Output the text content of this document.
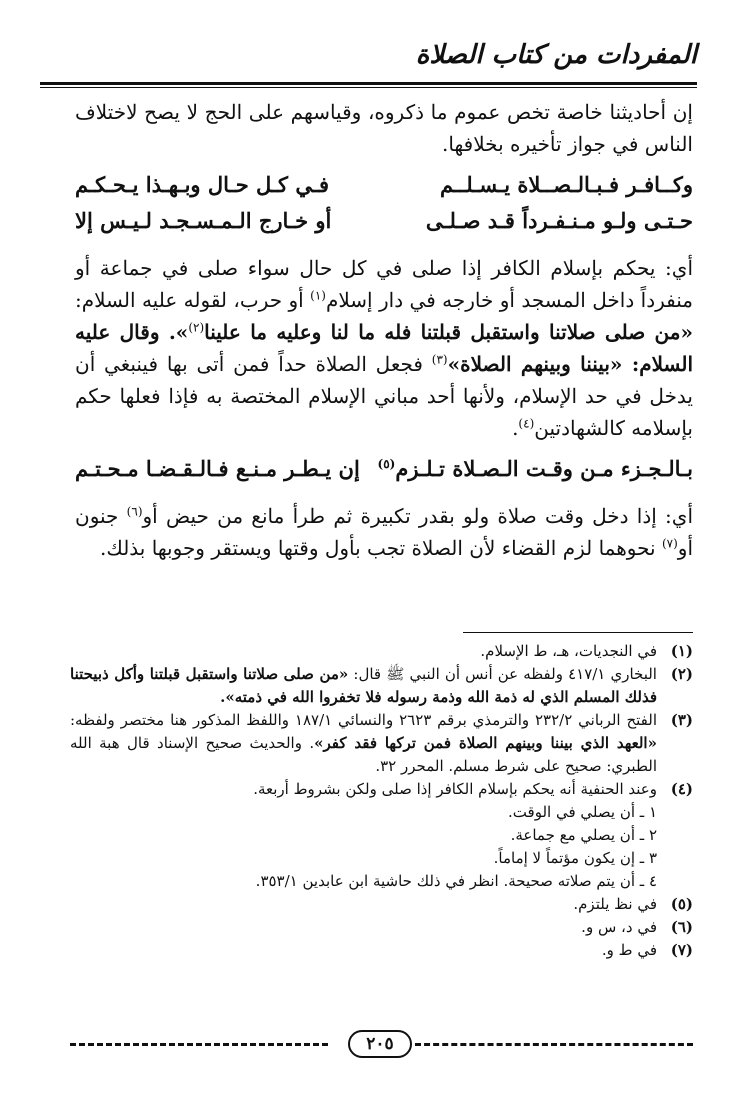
المفردات من كتاب الصلاة
إن أحاديثنا خاصة تخص عموم ما ذكروه، وقياسهم على الحج لا يصح لاختلاف الناس في جواز تأخيره بخلافها.
وكــافـر فـبـالـصــلاة يـسـلــم
فـي كـل حـال وبـهـذا يـحـكـم
حـتـى ولـو مـنـفـرداً قـد صـلـى
أو خـارج الـمـسـجـد لـيـس إلا
أي: يحكم بإسلام الكافر إذا صلى في كل حال سواء صلى في جماعة أو منفرداً داخل المسجد أو خارجه في دار إسلام$^{(١)}$ أو حرب، لقوله عليه السلام: «من صلى صلاتنا واستقبل قبلتنا فله ما لنا وعليه ما علينا$^{(٢)}$». وقال عليه السلام: «بيننا وبينهم الصلاة»$^{(٣)}$ فجعل الصلاة حداً فمن أتى بها فينبغي أن يدخل في حد الإسلام، ولأنها أحد مباني الإسلام المختصة به فإذا فعلها حكم بإسلامه كالشهادتين$^{(٤)}$.
بـالـجـزء مـن وقـت الـصـلاة تـلـزم$^{(٥)}$
إن يـطـر مـنـع فـالـقـضـا مـحـتـم
أي: إذا دخل وقت صلاة ولو بقدر تكبيرة ثم طرأ مانع من حيض أو$^{(٦)}$ جنون أو$^{(٧)}$ نحوهما لزم القضاء لأن الصلاة تجب بأول وقتها ويستقر وجوبها بذلك.
(١)
في النجديات، هـ، ط الإسلام.
(٢)
البخاري ٤١٧/١ ولفظه عن أنس أن النبي ﷺ قال: «من صلى صلاتنا واستقبل قبلتنا وأكل ذبيحتنا فذلك المسلم الذي له ذمة الله وذمة رسوله فلا تخفروا الله في ذمته».
(٣)
الفتح الرباني ٢٣٢/٢ والترمذي برقم ٢٦٢٣ والنسائي ١٨٧/١ واللفظ المذكور هنا مختصر ولفظه: «العهد الذي بيننا وبينهم الصلاة فمن تركها فقد كفر». والحديث صحيح الإسناد قال هبة الله الطبري: صحيح على شرط مسلم. المحرر ٣٢.
(٤)
وعند الحنفية أنه يحكم بإسلام الكافر إذا صلى ولكن بشروط أربعة.
١ ـ أن يصلي في الوقت.
٢ ـ أن يصلي مع جماعة.
٣ ـ إن يكون مؤتماً لا إماماً.
٤ ـ أن يتم صلاته صحيحة. انظر في ذلك حاشية ابن عابدين ٣٥٣/١.
(٥)
في نظ يلتزم.
(٦)
في د، س و.
(٧)
في ط و.
٢٠٥
